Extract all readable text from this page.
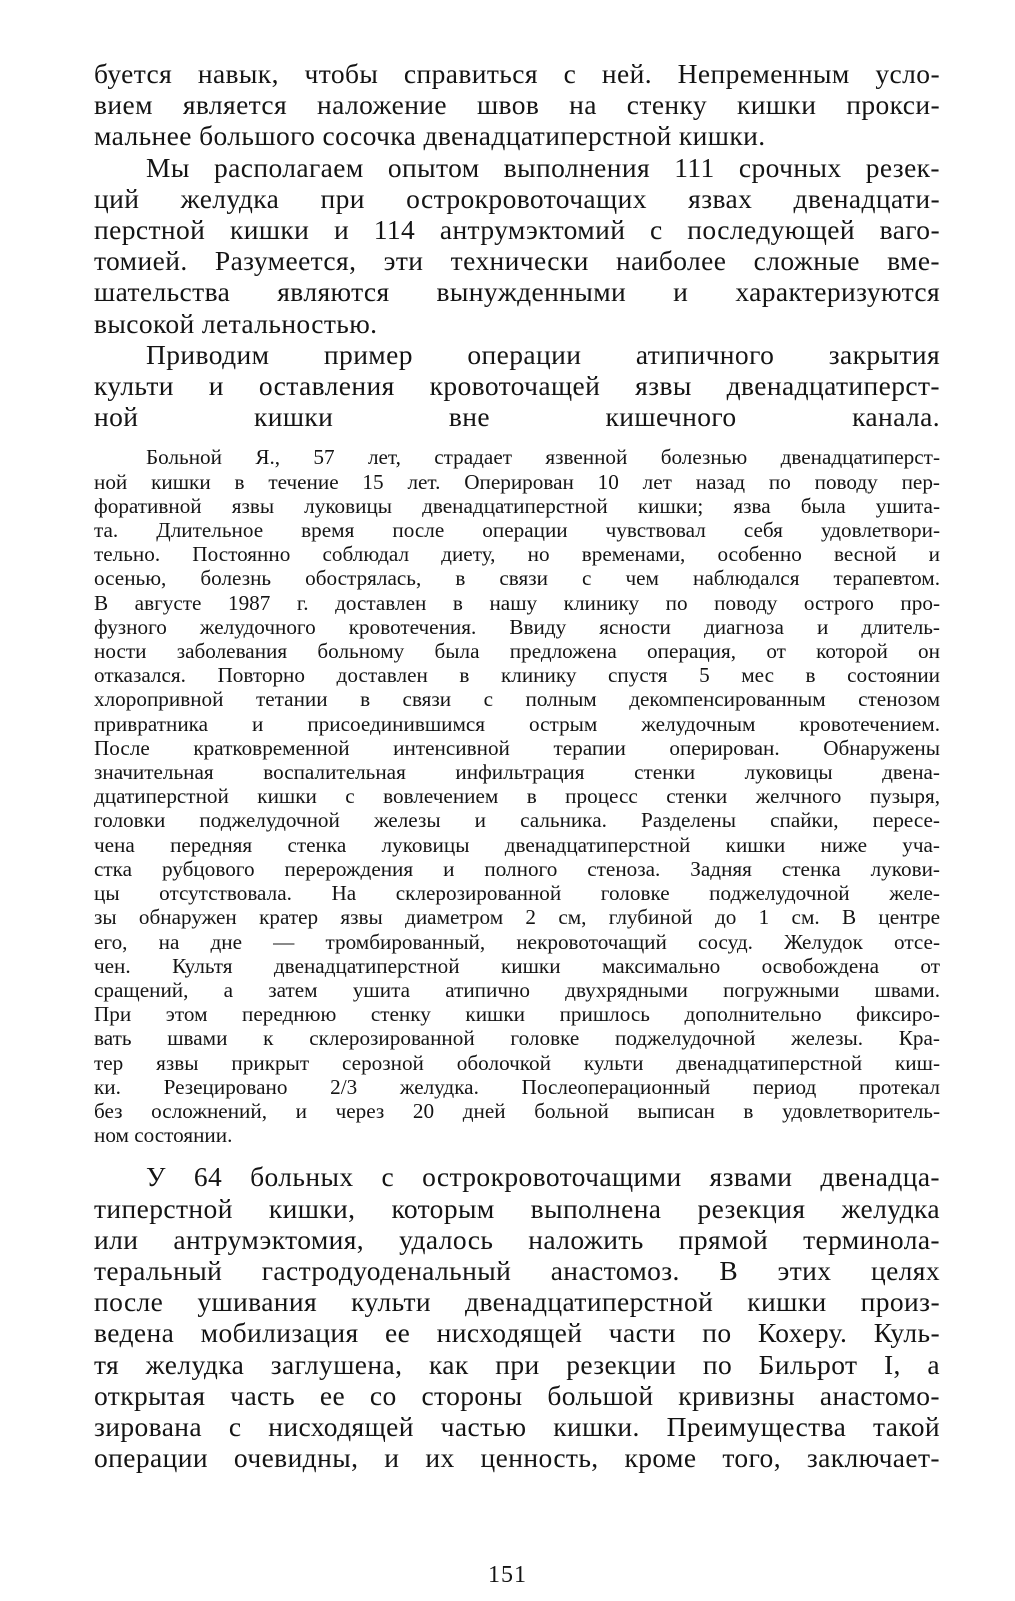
буется навык, чтобы справиться с ней. Непременным усло-
вием является наложение швов на стенку кишки прокси-
мальнее большого сосочка двенадцатиперстной кишки.
Мы располагаем опытом выполнения 111 срочных резек-
ций желудка при острокровоточащих язвах двенадцати-
перстной кишки и 114 антрумэктомий с последующей ваго-
томией. Разумеется, эти технически наиболее сложные вме-
шательства являются вынужденными и характеризуются
высокой летальностью.
Приводим пример операции атипичного закрытия
культи и оставления кровоточащей язвы двенадцатиперст-
ной кишки вне кишечного канала.
Больной Я., 57 лет, страдает язвенной болезнью двенадцатиперст-
ной кишки в течение 15 лет. Оперирован 10 лет назад по поводу пер-
форативной язвы луковицы двенадцатиперстной кишки; язва была ушита-
та. Длительное время после операции чувствовал себя удовлетвори-
тельно. Постоянно соблюдал диету, но временами, особенно весной и
осенью, болезнь обострялась, в связи с чем наблюдался терапевтом.
В августе 1987 г. доставлен в нашу клинику по поводу острого про-
фузного желудочного кровотечения. Ввиду ясности диагноза и длитель-
ности заболевания больному была предложена операция, от которой он
отказался. Повторно доставлен в клинику спустя 5 мес в состоянии
хлоропривной тетании в связи с полным декомпенсированным стенозом
привратника и присоединившимся острым желудочным кровотечением.
После кратковременной интенсивной терапии оперирован. Обнаружены
значительная воспалительная инфильтрация стенки луковицы двена-
дцатиперстной кишки с вовлечением в процесс стенки желчного пузыря,
головки поджелудочной железы и сальника. Разделены спайки, пересе-
чена передняя стенка луковицы двенадцатиперстной кишки ниже уча-
стка рубцового перерождения и полного стеноза. Задняя стенка лукови-
цы отсутствовала. На склерозированной головке поджелудочной желе-
зы обнаружен кратер язвы диаметром 2 см, глубиной до 1 см. В центре
его, на дне — тромбированный, некровоточащий сосуд. Желудок отсе-
чен. Культя двенадцатиперстной кишки максимально освобождена от
сращений, а затем ушита атипично двухрядными погружными швами.
При этом переднюю стенку кишки пришлось дополнительно фиксиро-
вать швами к склерозированной головке поджелудочной железы. Кра-
тер язвы прикрыт серозной оболочкой культи двенадцатиперстной киш-
ки. Резецировано 2/3 желудка. Послеоперационный период протекал
без осложнений, и через 20 дней больной выписан в удовлетворитель-
ном состоянии.
У 64 больных с острокровоточащими язвами двенадца-
типерстной кишки, которым выполнена резекция желудка
или антрумэктомия, удалось наложить прямой терминола-
теральный гастродуоденальный анастомоз. В этих целях
после ушивания культи двенадцатиперстной кишки произ-
ведена мобилизация ее нисходящей части по Кохеру. Куль-
тя желудка заглушена, как при резекции по Бильрот I, а
открытая часть ее со стороны большой кривизны анастомо-
зирована с нисходящей частью кишки. Преимущества такой
операции очевидны, и их ценность, кроме того, заключает-
151
